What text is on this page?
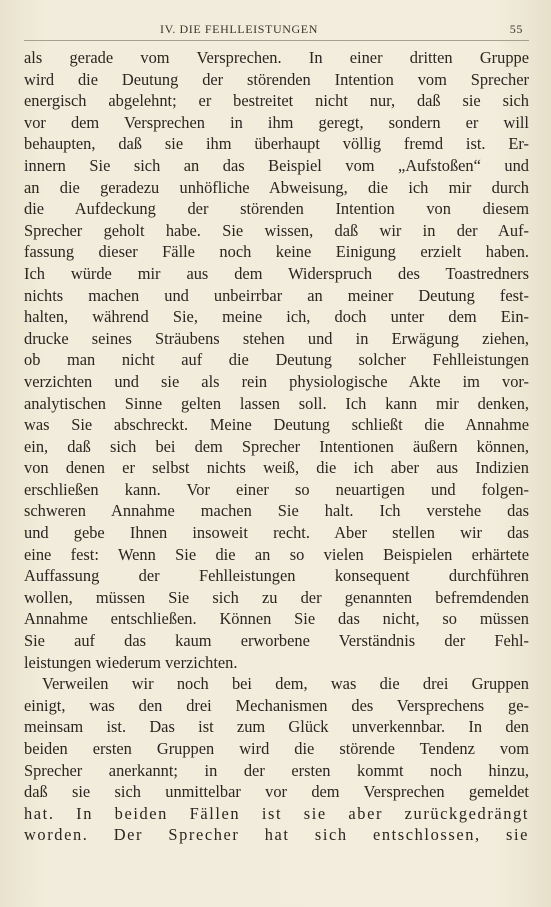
IV. DIE FEHLLEISTUNGEN	55

als gerade vom Versprechen. In einer dritten Gruppe
wird die Deutung der störenden Intention vom Sprecher
energisch abgelehnt; er bestreitet nicht nur, daß sie sich
vor dem Versprechen in ihm geregt, sondern er will
behaupten, daß sie ihm überhaupt völlig fremd ist. Er-
innern Sie sich an das Beispiel vom „Aufstoßen“ und
an die geradezu unhöfliche Abweisung, die ich mir durch
die Aufdeckung der störenden Intention von diesem
Sprecher geholt habe. Sie wissen, daß wir in der Auf-
fassung dieser Fälle noch keine Einigung erzielt haben.
Ich würde mir aus dem Widerspruch des Toastredners
nichts machen und unbeirrbar an meiner Deutung fest-
halten, während Sie, meine ich, doch unter dem Ein-
drucke seines Sträubens stehen und in Erwägung ziehen,
ob man nicht auf die Deutung solcher Fehlleistungen
verzichten und sie als rein physiologische Akte im vor-
analytischen Sinne gelten lassen soll. Ich kann mir denken,
was Sie abschreckt. Meine Deutung schließt die Annahme
ein, daß sich bei dem Sprecher Intentionen äußern können,
von denen er selbst nichts weiß, die ich aber aus Indizien
erschließen kann. Vor einer so neuartigen und folgen-
schweren Annahme machen Sie halt. Ich verstehe das
und gebe Ihnen insoweit recht. Aber stellen wir das
eine fest: Wenn Sie die an so vielen Beispielen erhärtete
Auffassung der Fehlleistungen konsequent durchführen
wollen, müssen Sie sich zu der genannten befremdenden
Annahme entschließen. Können Sie das nicht, so müssen
Sie auf das kaum erworbene Verständnis der Fehl-
leistungen wiederum verzichten.

Verweilen wir noch bei dem, was die drei Gruppen
einigt, was den drei Mechanismen des Versprechens ge-
meinsam ist. Das ist zum Glück unverkennbar. In den
beiden ersten Gruppen wird die störende Tendenz vom
Sprecher anerkannt; in der ersten kommt noch hinzu,
daß sie sich unmittelbar vor dem Versprechen gemeldet
hat. In beiden Fällen ist sie aber zurückgedrängt
worden. Der Sprecher hat sich entschlossen, sie
